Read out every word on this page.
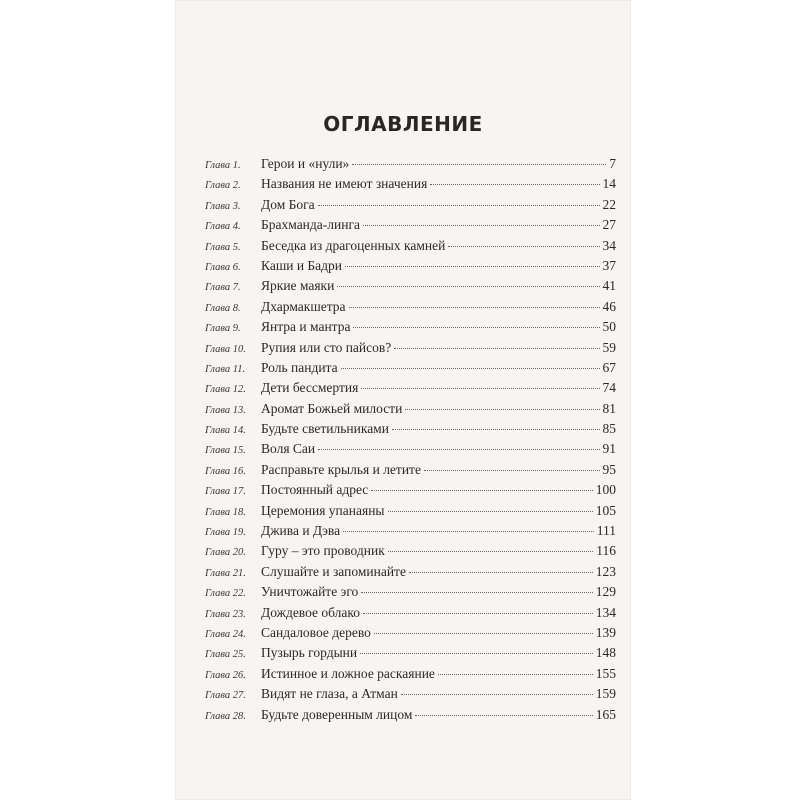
ОГЛАВЛЕНИЕ
Глава 1.	Герои и «нули»	7
Глава 2.	Названия не имеют значения	14
Глава 3.	Дом Бога	22
Глава 4.	Брахманда-линга	27
Глава 5.	Беседка из драгоценных камней	34
Глава 6.	Каши и Бадри	37
Глава 7.	Яркие маяки	41
Глава 8.	Дхармакшетра	46
Глава 9.	Янтра и мантра	50
Глава 10.	Рупия или сто пайсов?	59
Глава 11.	Роль пандита	67
Глава 12.	Дети бессмертия	74
Глава 13.	Аромат Божьей милости	81
Глава 14.	Будьте светильниками	85
Глава 15.	Воля Саи	91
Глава 16.	Расправьте крылья и летите	95
Глава 17.	Постоянный адрес	100
Глава 18.	Церемония упанаяны	105
Глава 19.	Джива и Дэва	111
Глава 20.	Гуру – это проводник	116
Глава 21.	Слушайте и запоминайте	123
Глава 22.	Уничтожайте эго	129
Глава 23.	Дождевое облако	134
Глава 24.	Сандаловое дерево	139
Глава 25.	Пузырь гордыни	148
Глава 26.	Истинное и ложное раскаяние	155
Глава 27.	Видят не глаза, а Атман	159
Глава 28.	Будьте доверенным лицом	165
